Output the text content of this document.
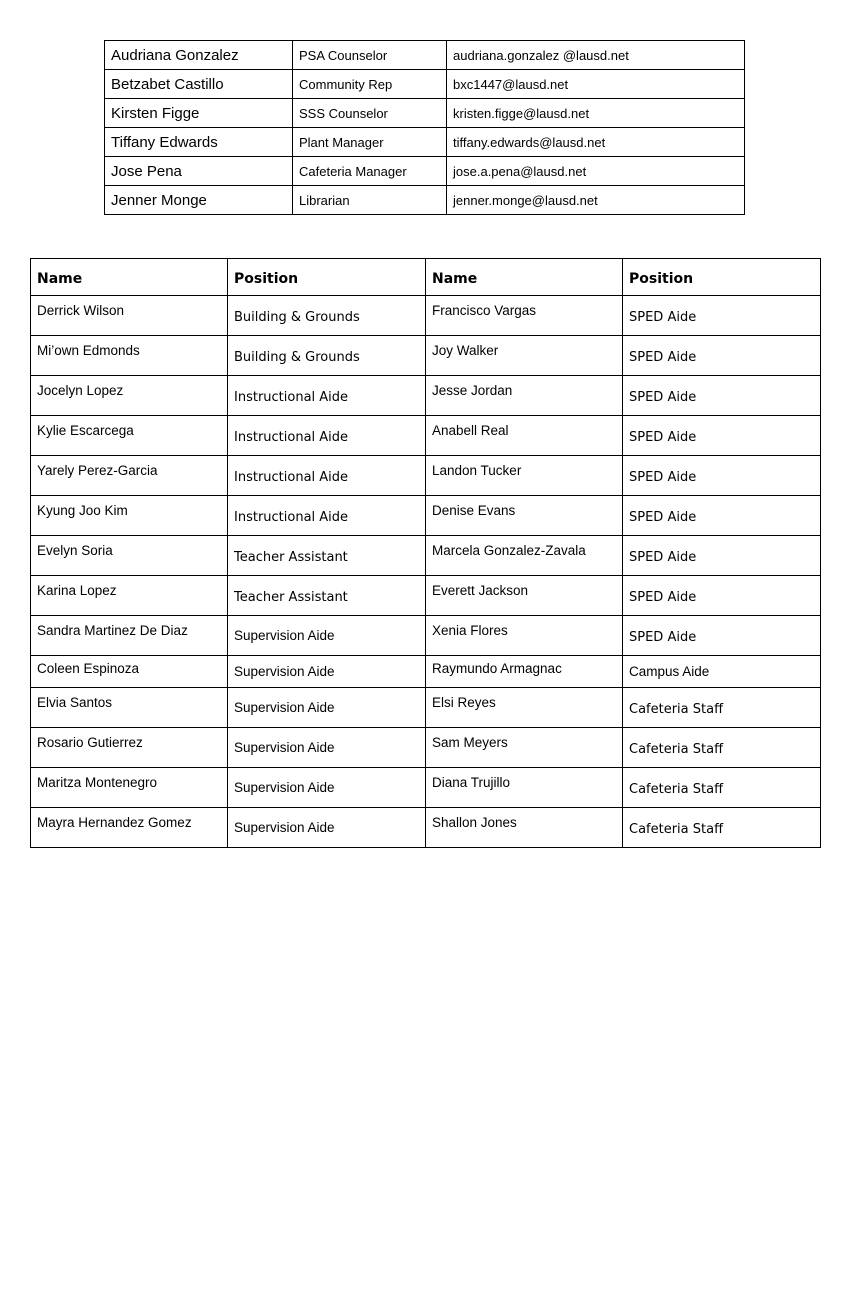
Audriana Gonzalez	PSA Counselor	audriana.gonzalez @lausd.net
Betzabet Castillo	Community Rep	bxc1447@lausd.net
Kirsten Figge	SSS Counselor	kristen.figge@lausd.net
Tiffany Edwards	Plant Manager	tiffany.edwards@lausd.net
Jose Pena	Cafeteria Manager	jose.a.pena@lausd.net
Jenner Monge	Librarian	jenner.monge@lausd.net
Name	Position	Name	Position
Derrick Wilson	Building & Grounds	Francisco Vargas	SPED Aide
Mi’own Edmonds	Building & Grounds	Joy Walker	SPED Aide
Jocelyn Lopez	Instructional Aide	Jesse Jordan	SPED Aide
Kylie Escarcega	Instructional Aide	Anabell Real	SPED Aide
Yarely Perez-Garcia	Instructional Aide	Landon Tucker	SPED Aide
Kyung Joo Kim	Instructional Aide	Denise Evans	SPED Aide
Evelyn Soria	Teacher Assistant	Marcela Gonzalez-Zavala	SPED Aide
Karina Lopez	Teacher Assistant	Everett Jackson	SPED Aide
Sandra Martinez De Diaz	Supervision Aide	Xenia Flores	SPED Aide
Coleen Espinoza	Supervision Aide	Raymundo Armagnac	Campus Aide
Elvia Santos	Supervision Aide	Elsi Reyes	Cafeteria Staff
Rosario Gutierrez	Supervision Aide	Sam Meyers	Cafeteria Staff
Maritza Montenegro	Supervision Aide	Diana Trujillo	Cafeteria Staff
Mayra Hernandez Gomez	Supervision Aide	Shallon Jones	Cafeteria Staff
